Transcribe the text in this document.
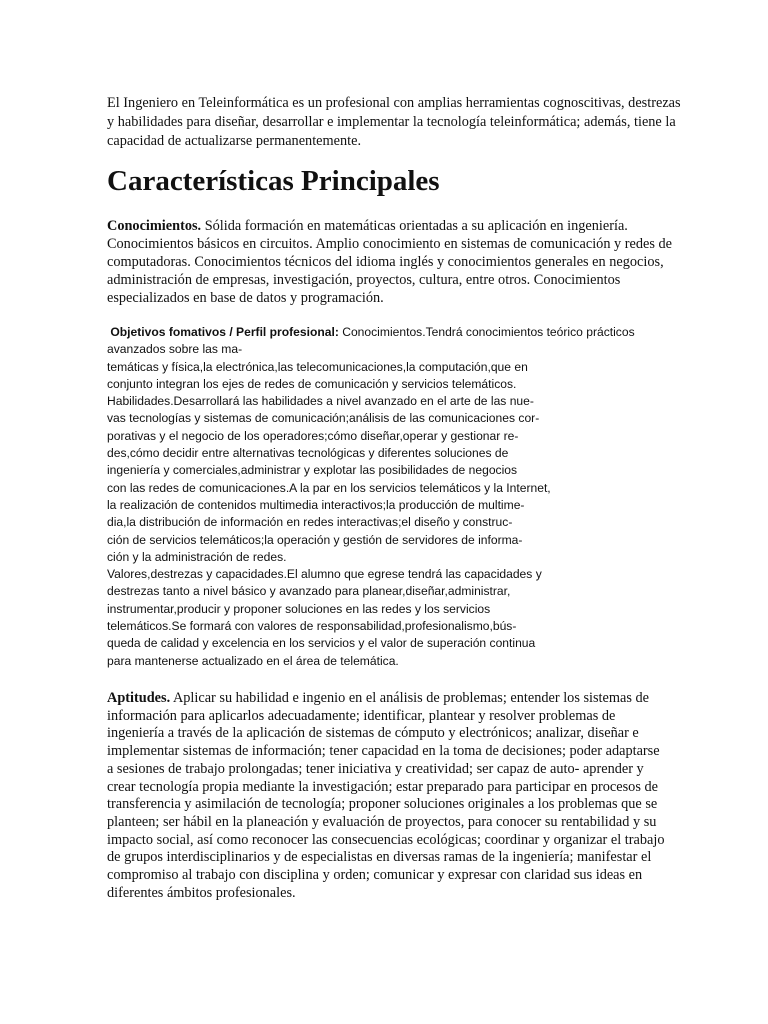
El Ingeniero en Teleinformática es un profesional con amplias herramientas cognoscitivas, destrezas y habilidades para diseñar, desarrollar e implementar la tecnología teleinformática; además, tiene la capacidad de actualizarse permanentemente.

Características Principales

Conocimientos. Sólida formación en matemáticas orientadas a su aplicación en ingeniería. Conocimientos básicos en circuitos. Amplio conocimiento en sistemas de comunicación y redes de computadoras. Conocimientos técnicos del idioma inglés y conocimientos generales en negocios, administración de empresas, investigación, proyectos, cultura, entre otros. Conocimientos especializados en base de datos y programación.

Objetivos fomativos / Perfil profesional: Conocimientos.Tendrá conocimientos teórico prácticos
avanzados sobre las ma-
temáticas y física,la electrónica,las telecomunicaciones,la computación,que en
conjunto integran los ejes de redes de comunicación y servicios telemáticos.
Habilidades.Desarrollará las habilidades a nivel avanzado en el arte de las nue-
vas tecnologías y sistemas de comunicación;análisis de las comunicaciones cor-
porativas y el negocio de los operadores;cómo diseñar,operar y gestionar re-
des,cómo decidir entre alternativas tecnológicas y diferentes soluciones de
ingeniería y comerciales,administrar y explotar las posibilidades de negocios
con las redes de comunicaciones.A la par en los servicios telemáticos y la Internet,
la realización de contenidos multimedia interactivos;la producción de multime-
dia,la distribución de información en redes interactivas;el diseño y construc-
ción de servicios telemáticos;la operación y gestión de servidores de informa-
ción y la administración de redes.
Valores,destrezas y capacidades.El alumno que egrese tendrá las capacidades y
destrezas tanto a nivel básico y avanzado para planear,diseñar,administrar,
instrumentar,producir y proponer soluciones en las redes y los servicios
telemáticos.Se formará con valores de responsabilidad,profesionalismo,bús-
queda de calidad y excelencia en los servicios y el valor de superación continua
para mantenerse actualizado en el área de telemática.

Aptitudes. Aplicar su habilidad e ingenio en el análisis de problemas; entender los sistemas de información para aplicarlos adecuadamente; identificar, plantear y resolver problemas de ingeniería a través de la aplicación de sistemas de cómputo y electrónicos; analizar, diseñar e implementar sistemas de información; tener capacidad en la toma de decisiones; poder adaptarse a sesiones de trabajo prolongadas; tener iniciativa y creatividad; ser capaz de auto- aprender y crear tecnología propia mediante la investigación; estar preparado para participar en procesos de transferencia y asimilación de tecnología; proponer soluciones originales a los problemas que se planteen; ser hábil en la planeación y evaluación de proyectos, para conocer su rentabilidad y su impacto social, así como reconocer las consecuencias ecológicas; coordinar y organizar el trabajo de grupos interdisciplinarios y de especialistas en diversas ramas de la ingeniería; manifestar el compromiso al trabajo con disciplina y orden; comunicar y expresar con claridad sus ideas en diferentes ámbitos profesionales.
